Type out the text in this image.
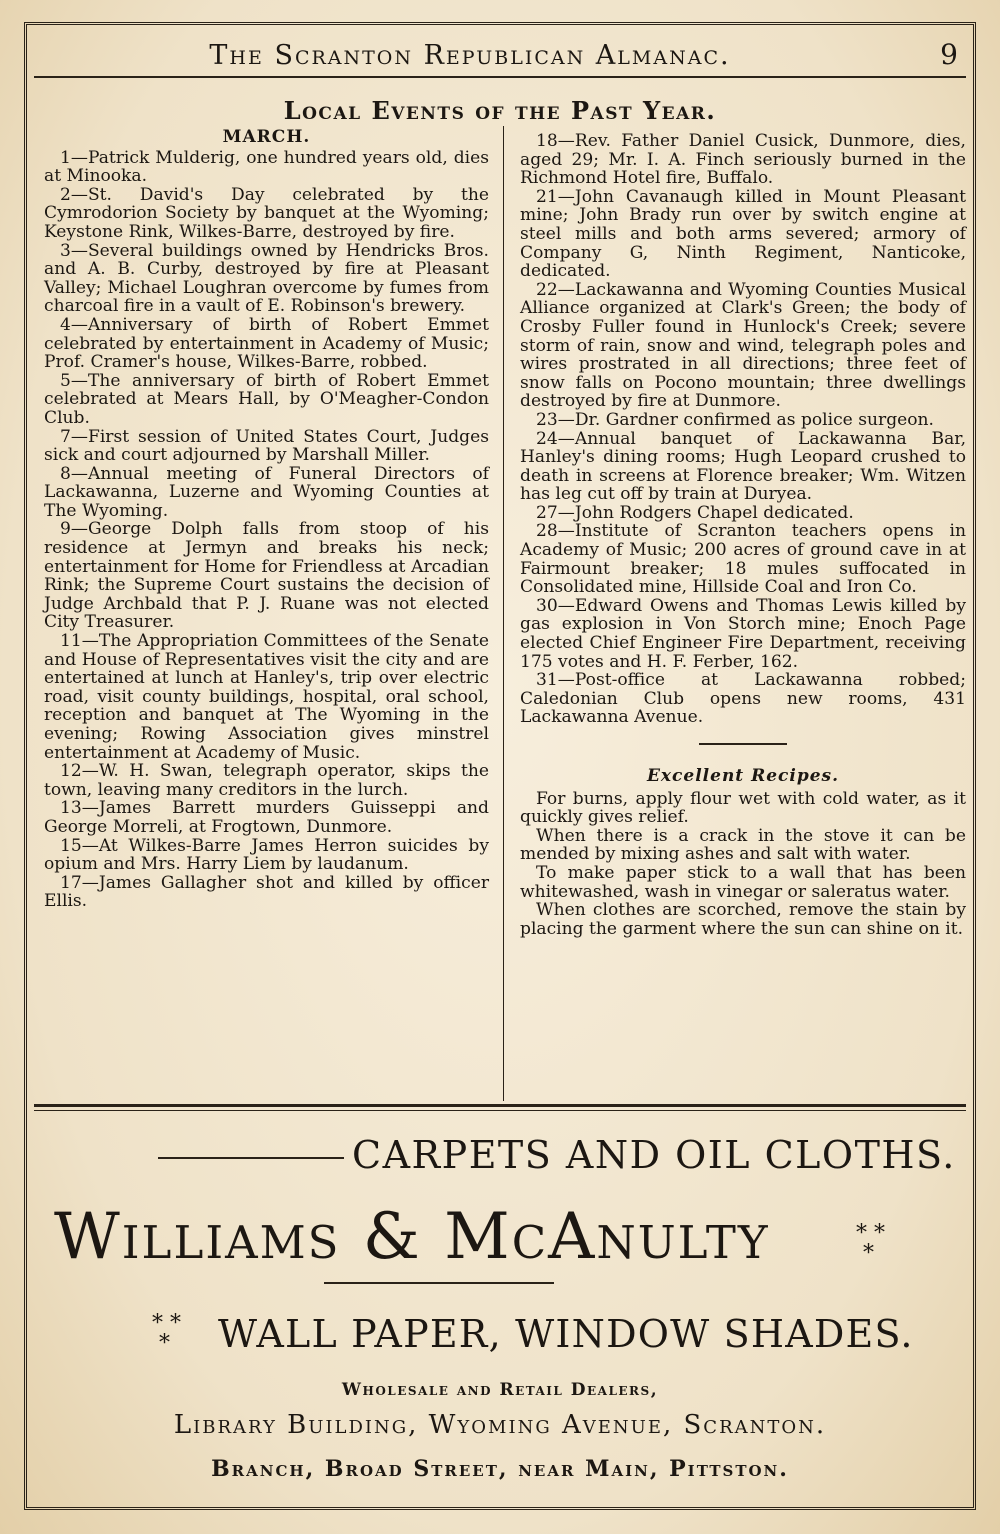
The Scranton Republican Almanac.	9
Local Events of the Past Year.
MARCH.

1—Patrick Mulderig, one hundred years old, dies at Minooka.

2—St. David's Day celebrated by the Cymrodorion Society by banquet at the Wyoming; Keystone Rink, Wilkes-Barre, destroyed by fire.

3—Several buildings owned by Hendricks Bros. and A. B. Curby, destroyed by fire at Pleasant Valley; Michael Loughran overcome by fumes from charcoal fire in a vault of E. Robinson's brewery.

4—Anniversary of birth of Robert Emmet celebrated by entertainment in Academy of Music; Prof. Cramer's house, Wilkes-Barre, robbed.

5—The anniversary of birth of Robert Emmet celebrated at Mears Hall, by O'Meagher-Condon Club.

7—First session of United States Court, Judges sick and court adjourned by Marshall Miller.

8—Annual meeting of Funeral Directors of Lackawanna, Luzerne and Wyoming Counties at The Wyoming.

9—George Dolph falls from stoop of his residence at Jermyn and breaks his neck; entertainment for Home for Friendless at Arcadian Rink; the Supreme Court sustains the decision of Judge Archbald that P. J. Ruane was not elected City Treasurer.

11—The Appropriation Committees of the Senate and House of Representatives visit the city and are entertained at lunch at Hanley's, trip over electric road, visit county buildings, hospital, oral school, reception and banquet at The Wyoming in the evening; Rowing Association gives minstrel entertainment at Academy of Music.

12—W. H. Swan, telegraph operator, skips the town, leaving many creditors in the lurch.

13—James Barrett murders Guisseppi and George Morreli, at Frogtown, Dunmore.

15—At Wilkes-Barre James Herron suicides by opium and Mrs. Harry Liem by laudanum.

17—James Gallagher shot and killed by officer Ellis.

18—Rev. Father Daniel Cusick, Dunmore, dies, aged 29; Mr. I. A. Finch seriously burned in the Richmond Hotel fire, Buffalo.

21—John Cavanaugh killed in Mount Pleasant mine; John Brady run over by switch engine at steel mills and both arms severed; armory of Company G, Ninth Regiment, Nanticoke, dedicated.

22—Lackawanna and Wyoming Counties Musical Alliance organized at Clark's Green; the body of Crosby Fuller found in Hunlock's Creek; severe storm of rain, snow and wind, telegraph poles and wires prostrated in all directions; three feet of snow falls on Pocono mountain; three dwellings destroyed by fire at Dunmore.

23—Dr. Gardner confirmed as police surgeon.

24—Annual banquet of Lackawanna Bar, Hanley's dining rooms; Hugh Leopard crushed to death in screens at Florence breaker; Wm. Witzen has leg cut off by train at Duryea.

27—John Rodgers Chapel dedicated.

28—Institute of Scranton teachers opens in Academy of Music; 200 acres of ground cave in at Fairmount breaker; 18 mules suffocated in Consolidated mine, Hillside Coal and Iron Co.

30—Edward Owens and Thomas Lewis killed by gas explosion in Von Storch mine; Enoch Page elected Chief Engineer Fire Department, receiving 175 votes and H. F. Ferber, 162.

31—Post-office at Lackawanna robbed; Caledonian Club opens new rooms, 431 Lackawanna Avenue.

Excellent Recipes.

For burns, apply flour wet with cold water, as it quickly gives relief.

When there is a crack in the stove it can be mended by mixing ashes and salt with water.

To make paper stick to a wall that has been whitewashed, wash in vinegar or saleratus water.

When clothes are scorched, remove the stain by placing the garment where the sun can shine on it.

CARPETS AND OIL CLOTHS.
Williams & McAnulty	* *
*
* *
* WALL PAPER, WINDOW SHADES.
Wholesale and Retail Dealers,
Library Building, Wyoming Avenue, Scranton.
Branch, Broad Street, near Main, Pittston.
